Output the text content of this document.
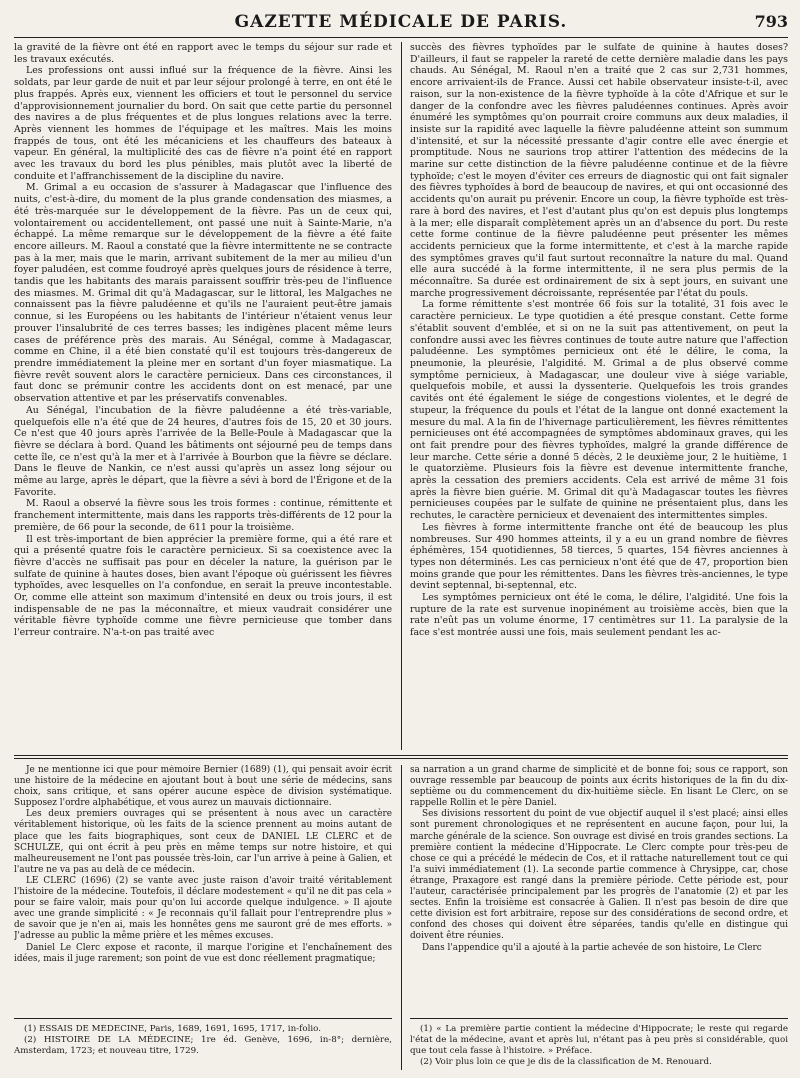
GAZETTE MÉDICALE DE PARIS.	793

la gravité de la fièvre ont été en rapport avec le temps du séjour sur rade et les travaux exécutés.

Les professions ont aussi influé sur la fréquence de la fièvre. Ainsi les soldats, par leur garde de nuit et par leur séjour prolongé à terre, en ont été le plus frappés. Après eux, viennent les officiers et tout le personnel du service d'approvisionnement journalier du bord. On sait que cette partie du personnel des navires a de plus fréquentes et de plus longues relations avec la terre. Après viennent les hommes de l'équipage et les maîtres. Mais les moins frappés de tous, ont été les mécaniciens et les chauffeurs des bateaux à vapeur. En général, la multiplicité des cas de fièvre n'a point été en rapport avec les travaux du bord les plus pénibles, mais plutôt avec la liberté de conduite et l'affranchissement de la discipline du navire.

M. Grimal a eu occasion de s'assurer à Madagascar que l'influence des nuits, c'est-à-dire, du moment de la plus grande condensation des miasmes, a été très-marquée sur le développement de la fièvre. Pas un de ceux qui, volontairement ou accidentellement, ont passé une nuit à Sainte-Marie, n'a échappé. La même remarque sur le développement de la fièvre a été faite encore ailleurs. M. Raoul a constaté que la fièvre intermittente ne se contracte pas à la mer, mais que le marin, arrivant subitement de la mer au milieu d'un foyer paludéen, est comme foudroyé après quelques jours de résidence à terre, tandis que les habitants des marais paraissent souffrir très-peu de l'influence des miasmes. M. Grimal dit qu'à Madagascar, sur le littoral, les Malgaches ne connaissent pas la fièvre paludéenne et qu'ils ne l'auraient peut-être jamais connue, si les Européens ou les habitants de l'intérieur n'étaient venus leur prouver l'insalubrité de ces terres basses; les indigènes placent même leurs cases de préférence près des marais. Au Sénégal, comme à Madagascar, comme en Chine, il a été bien constaté qu'il est toujours très-dangereux de prendre immédiatement la pleine mer en sortant d'un foyer miasmatique. La fièvre revêt souvent alors le caractère pernicieux. Dans ces circonstances, il faut donc se prémunir contre les accidents dont on est menacé, par une observation attentive et par les préservatifs convenables.

Au Sénégal, l'incubation de la fièvre paludéenne a été très-variable, quelquefois elle n'a été que de 24 heures, d'autres fois de 15, 20 et 30 jours. Ce n'est que 40 jours après l'arrivée de la Belle-Poule à Madagascar que la fièvre se déclara à bord. Quand les bâtiments ont séjourné peu de temps dans cette île, ce n'est qu'à la mer et à l'arrivée à Bourbon que la fièvre se déclare. Dans le fleuve de Nankin, ce n'est aussi qu'après un assez long séjour ou même au large, après le départ, que la fièvre a sévi à bord de l'Érigone et de la Favorite.

M. Raoul a observé la fièvre sous les trois formes : continue, rémittente et franchement intermittente, mais dans les rapports très-différents de 12 pour la première, de 66 pour la seconde, de 611 pour la troisième.

Il est très-important de bien apprécier la première forme, qui a été rare et qui a présenté quatre fois le caractère pernicieux. Si sa coexistence avec la fièvre d'accès ne suffisait pas pour en déceler la nature, la guérison par le sulfate de quinine à hautes doses, bien avant l'époque où guérissent les fièvres typhoïdes, avec lesquelles on l'a confondue, en serait la preuve incontestable. Or, comme elle atteint son maximum d'intensité en deux ou trois jours, il est indispensable de ne pas la méconnaître, et mieux vaudrait considérer une véritable fièvre typhoïde comme une fièvre pernicieuse que tomber dans l'erreur contraire. N'a-t-on pas traité avec

succès des fièvres typhoïdes par le sulfate de quinine à hautes doses? D'ailleurs, il faut se rappeler la rareté de cette dernière maladie dans les pays chauds. Au Sénégal, M. Raoul n'en a traité que 2 cas sur 2,731 hommes, encore arrivaient-ils de France. Aussi cet habile observateur insiste-t-il, avec raison, sur la non-existence de la fièvre typhoïde à la côte d'Afrique et sur le danger de la confondre avec les fièvres paludéennes continues. Après avoir énuméré les symptômes qu'on pourrait croire communs aux deux maladies, il insiste sur la rapidité avec laquelle la fièvre paludéenne atteint son summum d'intensité, et sur la nécessité pressante d'agir contre elle avec énergie et promptitude. Nous ne saurions trop attirer l'attention des médecins de la marine sur cette distinction de la fièvre paludéenne continue et de la fièvre typhoïde; c'est le moyen d'éviter ces erreurs de diagnostic qui ont fait signaler des fièvres typhoïdes à bord de beaucoup de navires, et qui ont occasionné des accidents qu'on aurait pu prévenir. Encore un coup, la fièvre typhoïde est très-rare à bord des navires, et l'est d'autant plus qu'on est depuis plus longtemps à la mer; elle disparaît complètement après un an d'absence du port. Du reste cette forme continue de la fièvre paludéenne peut présenter les mêmes accidents pernicieux que la forme intermittente, et c'est à la marche rapide des symptômes graves qu'il faut surtout reconnaître la nature du mal. Quand elle aura succédé à la forme intermittente, il ne sera plus permis de la méconnaître. Sa durée est ordinairement de six à sept jours, en suivant une marche progressivement décroissante, représentée par l'état du pouls.

La forme rémittente s'est montrée 66 fois sur la totalité, 31 fois avec le caractère pernicieux. Le type quotidien a été presque constant. Cette forme s'établit souvent d'emblée, et si on ne la suit pas attentivement, on peut la confondre aussi avec les fièvres continues de toute autre nature que l'affection paludéenne. Les symptômes pernicieux ont été le délire, le coma, la pneumonie, la pleurésie, l'algidité. M. Grimal a de plus observé comme symptôme pernicieux, à Madagascar, une douleur vive à siége variable, quelquefois mobile, et aussi la dyssenterie. Quelquefois les trois grandes cavités ont été également le siége de congestions violentes, et le degré de stupeur, la fréquence du pouls et l'état de la langue ont donné exactement la mesure du mal. A la fin de l'hivernage particulièrement, les fièvres rémittentes pernicieuses ont été accompagnées de symptômes abdominaux graves, qui les ont fait prendre pour des fièvres typhoïdes, malgré la grande différence de leur marche. Cette série a donné 5 décès, 2 le deuxième jour, 2 le huitième, 1 le quatorzième. Plusieurs fois la fièvre est devenue intermittente franche, après la cessation des premiers accidents. Cela est arrivé de même 31 fois après la fièvre bien guérie. M. Grimal dit qu'à Madagascar toutes les fièvres pernicieuses coupées par le sulfate de quinine ne présentaient plus, dans les rechutes, le caractère pernicieux et devenaient des intermittentes simples.

Les fièvres à forme intermittente franche ont été de beaucoup les plus nombreuses. Sur 490 hommes atteints, il y a eu un grand nombre de fièvres éphémères, 154 quotidiennes, 58 tierces, 5 quartes, 154 fièvres anciennes à types non déterminés. Les cas pernicieux n'ont été que de 47, proportion bien moins grande que pour les rémittentes. Dans les fièvres très-anciennes, le type devint septennal, bi-septennal, etc.

Les symptômes pernicieux ont été le coma, le délire, l'algidité. Une fois la rupture de la rate est survenue inopinément au troisième accès, bien que la rate n'eût pas un volume énorme, 17 centimètres sur 11. La paralysie de la face s'est montrée aussi une fois, mais seulement pendant les ac-

Je ne mentionne ici que pour mémoire Bernier (1689) (1), qui pensait avoir écrit une histoire de la médecine en ajoutant bout à bout une série de médecins, sans choix, sans critique, et sans opérer aucune espèce de division systématique. Supposez l'ordre alphabétique, et vous aurez un mauvais dictionnaire.

Les deux premiers ouvrages qui se présentent à nous avec un caractère véritablement historique, où les faits de la science prennent au moins autant de place que les faits biographiques, sont ceux de DANIEL LE CLERC et de SCHULZE, qui ont écrit à peu près en même temps sur notre histoire, et qui malheureusement ne l'ont pas poussée très-loin, car l'un arrive à peine à Galien, et l'autre ne va pas au delà de ce médecin.

LE CLERC (1696) (2) se vante avec juste raison d'avoir traité véritablement l'histoire de la médecine. Toutefois, il déclare modestement « qu'il ne dit pas cela » pour se faire valoir, mais pour qu'on lui accorde quelque indulgence. » Il ajoute avec une grande simplicité : « Je reconnais qu'il fallait pour l'entreprendre plus » de savoir que je n'en ai, mais les honnêtes gens me sauront gré de mes efforts. » J'adresse au public la même prière et les mêmes excuses.

Daniel Le Clerc expose et raconte, il marque l'origine et l'enchaînement des idées, mais il juge rarement; son point de vue est donc réellement pragmatique;

sa narration a un grand charme de simplicité et de bonne foi; sous ce rapport, son ouvrage ressemble par beaucoup de points aux écrits historiques de la fin du dix-septième ou du commencement du dix-huitième siècle. En lisant Le Clerc, on se rappelle Rollin et le père Daniel.

Ses divisions ressortent du point de vue objectif auquel il s'est placé; ainsi elles sont purement chronologiques et ne représentent en aucune façon, pour lui, la marche générale de la science. Son ouvrage est divisé en trois grandes sections. La première contient la médecine d'Hippocrate. Le Clerc compte pour très-peu de chose ce qui a précédé le médecin de Cos, et il rattache naturellement tout ce qui l'a suivi immédiatement (1). La seconde partie commence à Chrysippe, car, chose étrange, Praxagore est rangé dans la première période. Cette période est, pour l'auteur, caractérisée principalement par les progrès de l'anatomie (2) et par les sectes. Enfin la troisième est consacrée à Galien. Il n'est pas besoin de dire que cette division est fort arbitraire, repose sur des considérations de second ordre, et confond des choses qui doivent être séparées, tandis qu'elle en distingue qui doivent être réunies.

Dans l'appendice qu'il a ajouté à la partie achevée de son histoire, Le Clerc

(1) ESSAIS DE MÉDECINE, Paris, 1689, 1691, 1695, 1717, in-folio.

(2) HISTOIRE DE LA MÉDECINE; 1re éd. Genève, 1696, in-8°; dernière, Amsterdam, 1723; et nouveau titre, 1729.

(1) « La première partie contient la médecine d'Hippocrate; le reste qui regarde l'état de la médecine, avant et après lui, n'étant pas à peu près si considérable, quoi que tout cela fasse à l'histoire. » Préface.

(2) Voir plus loin ce que je dis de la classification de M. Renouard.
